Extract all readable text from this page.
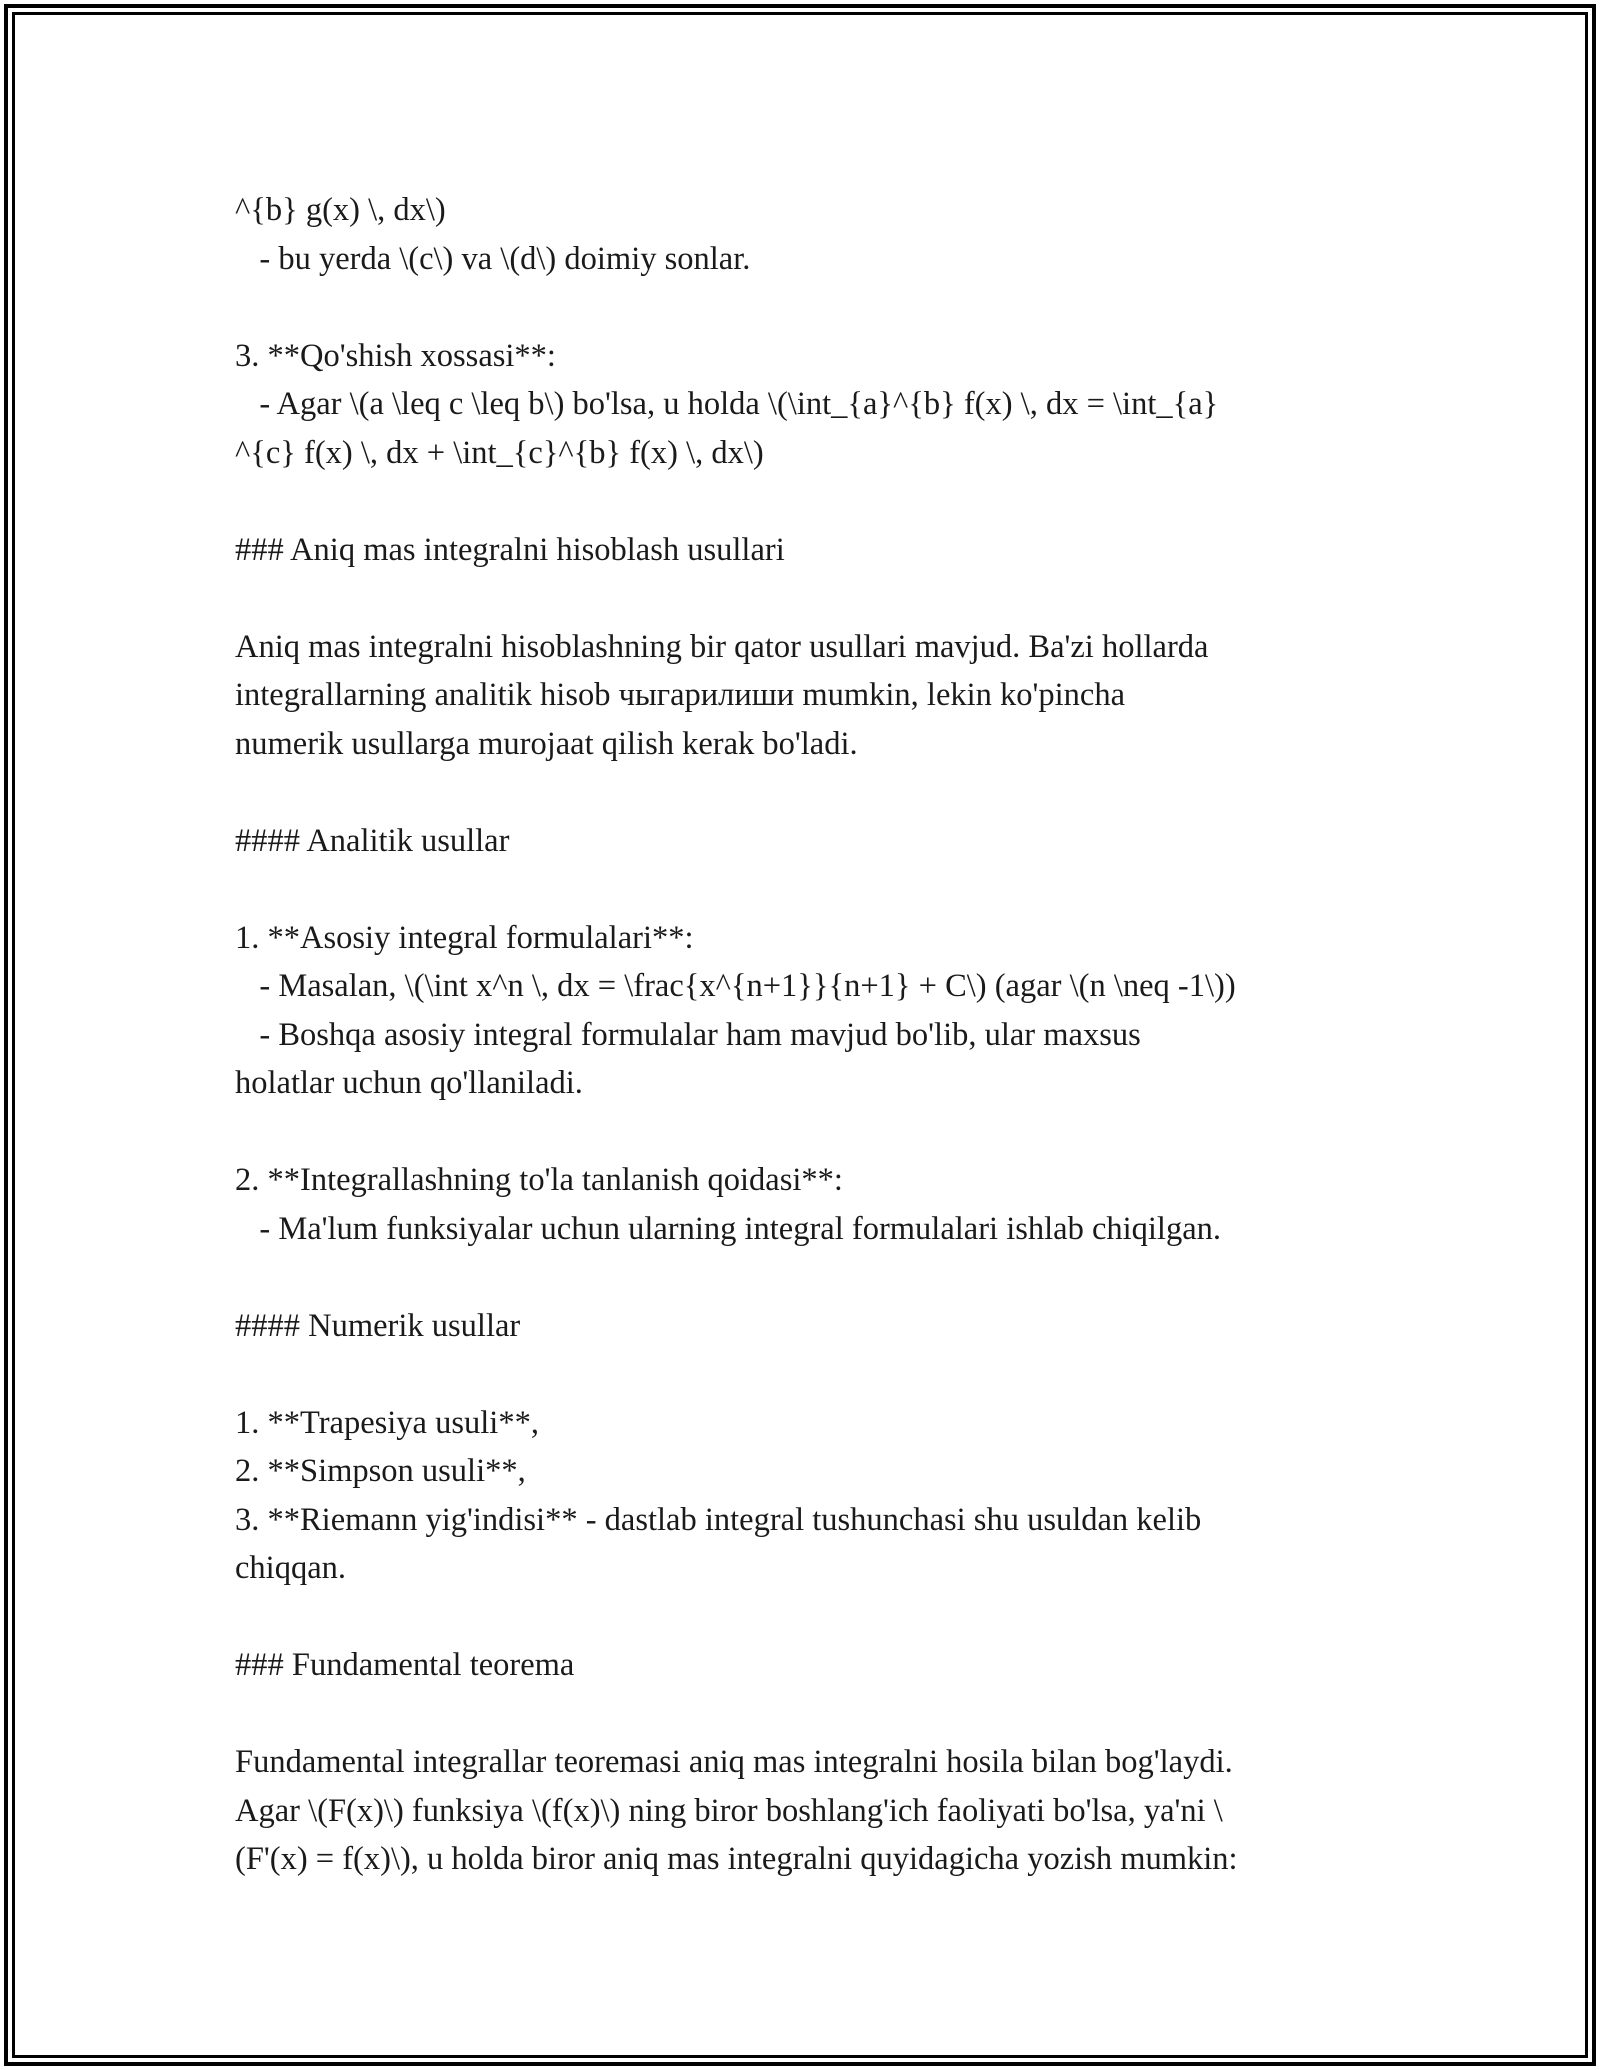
^{b} g(x) \, dx\)
- bu yerda \(c\) va \(d\) doimiy sonlar.
3. **Qo'shish xossasi**:
- Agar \(a \leq c \leq b\) bo'lsa, u holda \(\int_{a}^{b} f(x) \, dx = \int_{a}
^{c} f(x) \, dx + \int_{c}^{b} f(x) \, dx\)
### Aniq mas integralni hisoblash usullari
Aniq mas integralni hisoblashning bir qator usullari mavjud. Ba'zi hollarda
integrallarning analitik hisob чыгарилиши mumkin, lekin ko'pincha
numerik usullarga murojaat qilish kerak bo'ladi.
#### Analitik usullar
1. **Asosiy integral formulalari**:
- Masalan, \(\int x^n \, dx = \frac{x^{n+1}}{n+1} + C\) (agar \(n \neq -1\))
- Boshqa asosiy integral formulalar ham mavjud bo'lib, ular maxsus
holatlar uchun qo'llaniladi.
2. **Integrallashning to'la tanlanish qoidasi**:
- Ma'lum funksiyalar uchun ularning integral formulalari ishlab chiqilgan.
#### Numerik usullar
1. **Trapesiya usuli**,
2. **Simpson usuli**,
3. **Riemann yig'indisi** - dastlab integral tushunchasi shu usuldan kelib
chiqqan.
### Fundamental teorema
Fundamental integrallar teoremasi aniq mas integralni hosila bilan bog'laydi.
Agar \(F(x)\) funksiya \(f(x)\) ning biror boshlang'ich faoliyati bo'lsa, ya'ni \
(F'(x) = f(x)\), u holda biror aniq mas integralni quyidagicha yozish mumkin:
